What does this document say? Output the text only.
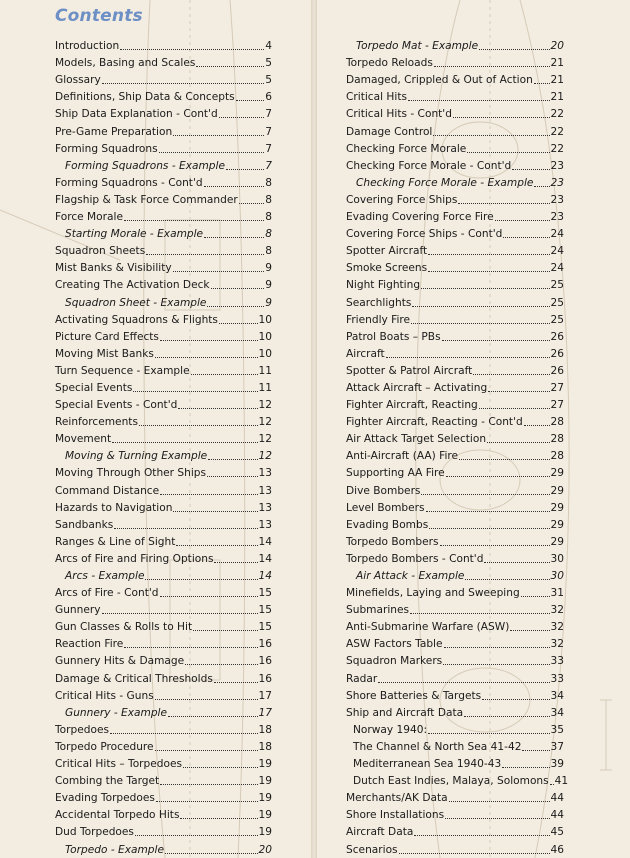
Contents
Introduction	4
Models, Basing and Scales	5
Glossary	5
Definitions, Ship Data & Concepts	6
Ship Data Explanation - Cont'd	7
Pre-Game Preparation	7
Forming Squadrons	7
Forming Squadrons - Example	7
Forming Squadrons - Cont'd	8
Flagship & Task Force Commander	8
Force Morale	8
Starting Morale - Example	8
Squadron Sheets	8
Mist Banks & Visibility	9
Creating The Activation Deck	9
Squadron Sheet - Example	9
Activating Squadrons & Flights	10
Picture Card Effects	10
Moving Mist Banks	10
Turn Sequence - Example	11
Special Events	11
Special Events - Cont'd	12
Reinforcements	12
Movement	12
Moving & Turning Example	12
Moving Through Other Ships	13
Command Distance	13
Hazards to Navigation	13
Sandbanks	13
Ranges & Line of Sight	14
Arcs of Fire and Firing Options	14
Arcs - Example	14
Arcs of Fire - Cont'd	15
Gunnery	15
Gun Classes & Rolls to Hit	15
Reaction Fire	16
Gunnery Hits & Damage	16
Damage & Critical Thresholds	16
Critical Hits - Guns	17
Gunnery - Example	17
Torpedoes	18
Torpedo Procedure	18
Critical Hits – Torpedoes	19
Combing the Target	19
Evading Torpedoes	19
Accidental Torpedo Hits	19
Dud Torpedoes	19
Torpedo - Example	20
Torpedo Mat - Example	20
Torpedo Reloads	21
Damaged, Crippled & Out of Action 21
Critical Hits	21
Critical Hits - Cont'd	22
Damage Control	22
Checking Force Morale	22
Checking Force Morale - Cont'd	23
Checking Force Morale - Example 23
Covering Force Ships	23
Evading Covering Force Fire	23
Covering Force Ships - Cont'd	24
Spotter Aircraft	24
Smoke Screens	24
Night Fighting	25
Searchlights	25
Friendly Fire	25
Patrol Boats – PBs	26
Aircraft	26
Spotter & Patrol Aircraft	26
Attack Aircraft – Activating	27
Fighter Aircraft, Reacting	27
Fighter Aircraft, Reacting - Cont'd	28
Air Attack Target Selection	28
Anti-Aircraft (AA) Fire	28
Supporting AA Fire	29
Dive Bombers	29
Level Bombers	29
Evading Bombs	29
Torpedo Bombers	29
Torpedo Bombers - Cont'd	30
Air Attack - Example	30
Minefields, Laying and Sweeping	31
Submarines	32
Anti-Submarine Warfare (ASW)	32
ASW Factors Table	32
Squadron Markers	33
Radar	33
Shore Batteries & Targets	34
Ship and Aircraft Data	34
Norway 1940:	35
The Channel & North Sea 41-42	37
Mediterranean Sea 1940-43	39
Dutch East Indies, Malaya, Solomons 41
Merchants/AK Data	44
Shore Installations	44
Aircraft Data	45
Scenarios	46
